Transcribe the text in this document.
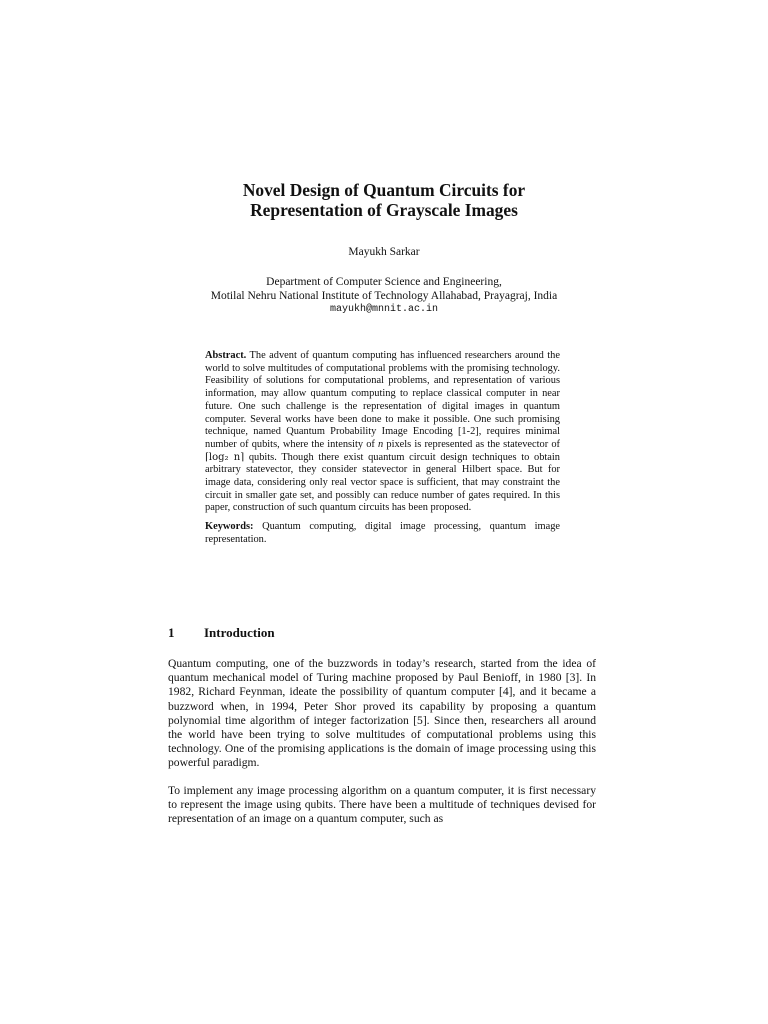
Novel Design of Quantum Circuits for
Representation of Grayscale Images
Mayukh Sarkar
Department of Computer Science and Engineering,
Motilal Nehru National Institute of Technology Allahabad, Prayagraj, India
mayukh@mnnit.ac.in

Abstract. The advent of quantum computing has influenced researchers around the world to solve multitudes of computational problems with the promising technology. Feasibility of solutions for computational problems, and representation of various information, may allow quantum computing to replace classical computer in near future. One such challenge is the representation of digital images in quantum computer. Several works have been done to make it possible. One such promising technique, named Quantum Probability Image Encoding [1-2], requires minimal number of qubits, where the intensity of n pixels is represented as the statevector of ⌈log₂ n⌉ qubits. Though there exist quantum circuit design techniques to obtain arbitrary statevector, they consider statevector in general Hilbert space. But for image data, considering only real vector space is sufficient, that may constraint the circuit in smaller gate set, and possibly can reduce number of gates required. In this paper, construction of such quantum circuits has been proposed.

Keywords: Quantum computing, digital image processing, quantum image representation.

1 Introduction

Quantum computing, one of the buzzwords in today’s research, started from the idea of quantum mechanical model of Turing machine proposed by Paul Benioff, in 1980 [3]. In 1982, Richard Feynman, ideate the possibility of quantum computer [4], and it became a buzzword when, in 1994, Peter Shor proved its capability by proposing a quantum polynomial time algorithm of integer factorization [5]. Since then, researchers all around the world have been trying to solve multitudes of computational problems using this technology. One of the promising applications is the domain of image processing using this powerful paradigm.

To implement any image processing algorithm on a quantum computer, it is first necessary to represent the image using qubits. There have been a multitude of techniques devised for representation of an image on a quantum computer, such as
